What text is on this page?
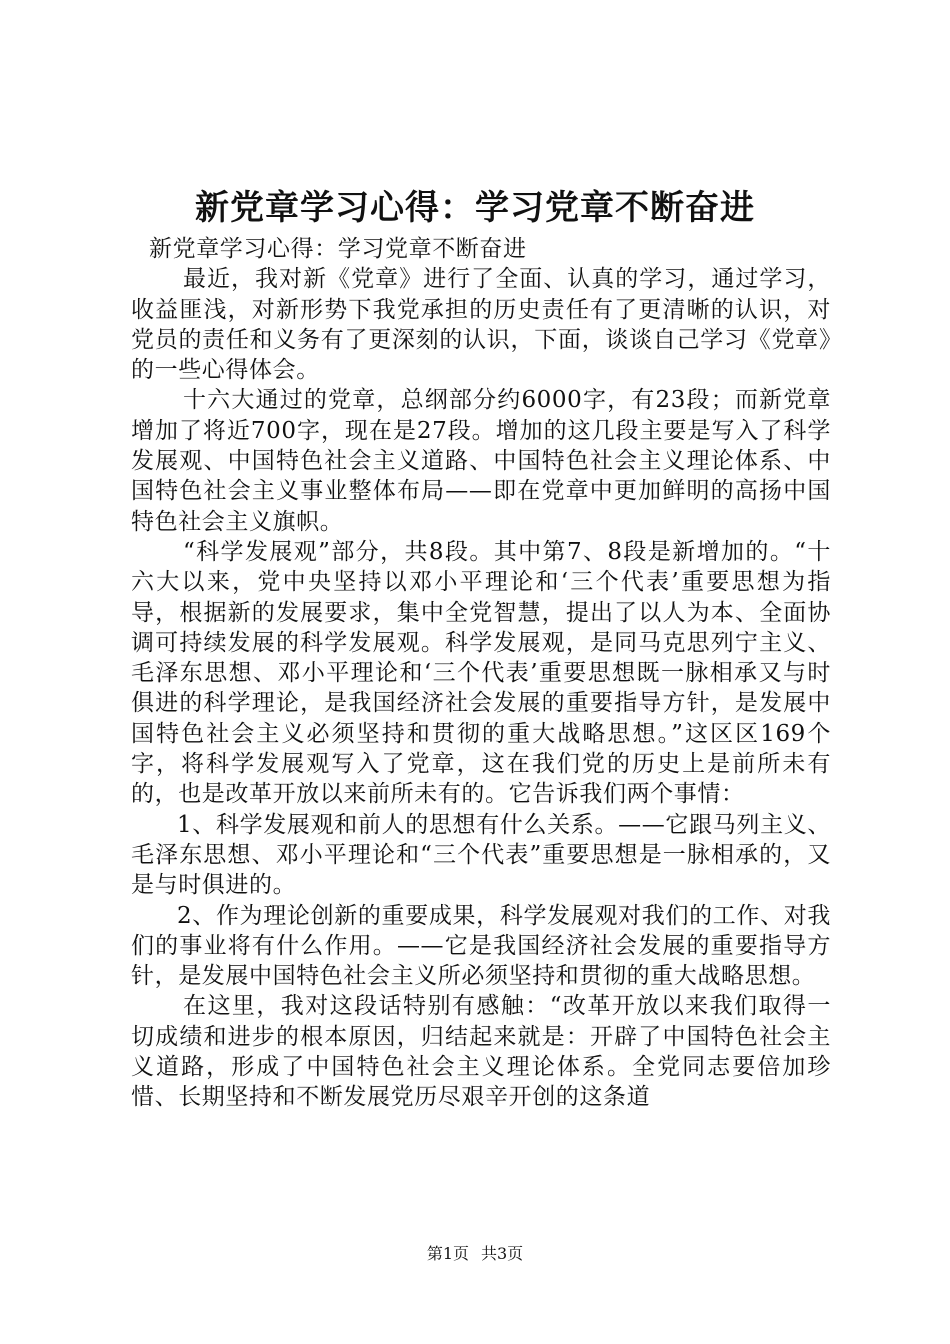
新党章学习心得：学习党章不断奋进

新党章学习心得：学习党章不断奋进

最近，我对新《党章》进行了全面、认真的学习，通过学习，收益匪浅，对新形势下我党承担的历史责任有了更清晰的认识，对党员的责任和义务有了更深刻的认识，下面，谈谈自己学习《党章》的一些心得体会。

十六大通过的党章，总纲部分约6000字，有23段；而新党章增加了将近700字，现在是27段。增加的这几段主要是写入了科学发展观、中国特色社会主义道路、中国特色社会主义理论体系、中国特色社会主义事业整体布局——即在党章中更加鲜明的高扬中国特色社会主义旗帜。

“科学发展观”部分，共8段。其中第7、8段是新增加的。“十六大以来，党中央坚持以邓小平理论和‘三个代表’重要思想为指导，根据新的发展要求，集中全党智慧，提出了以人为本、全面协调可持续发展的科学发展观。科学发展观，是同马克思列宁主义、毛泽东思想、邓小平理论和‘三个代表’重要思想既一脉相承又与时俱进的科学理论，是我国经济社会发展的重要指导方针，是发展中国特色社会主义必须坚持和贯彻的重大战略思想。”这区区169个字，将科学发展观写入了党章，这在我们党的历史上是前所未有的，也是改革开放以来前所未有的。它告诉我们两个事情：

1、科学发展观和前人的思想有什么关系。——它跟马列主义、毛泽东思想、邓小平理论和“三个代表”重要思想是一脉相承的，又是与时俱进的。

2、作为理论创新的重要成果，科学发展观对我们的工作、对我们的事业将有什么作用。——它是我国经济社会发展的重要指导方针，是发展中国特色社会主义所必须坚持和贯彻的重大战略思想。

在这里，我对这段话特别有感触：“改革开放以来我们取得一切成绩和进步的根本原因，归结起来就是：开辟了中国特色社会主义道路，形成了中国特色社会主义理论体系。全党同志要倍加珍惜、长期坚持和不断发展党历尽艰辛开创的这条道

第1页 共3页
